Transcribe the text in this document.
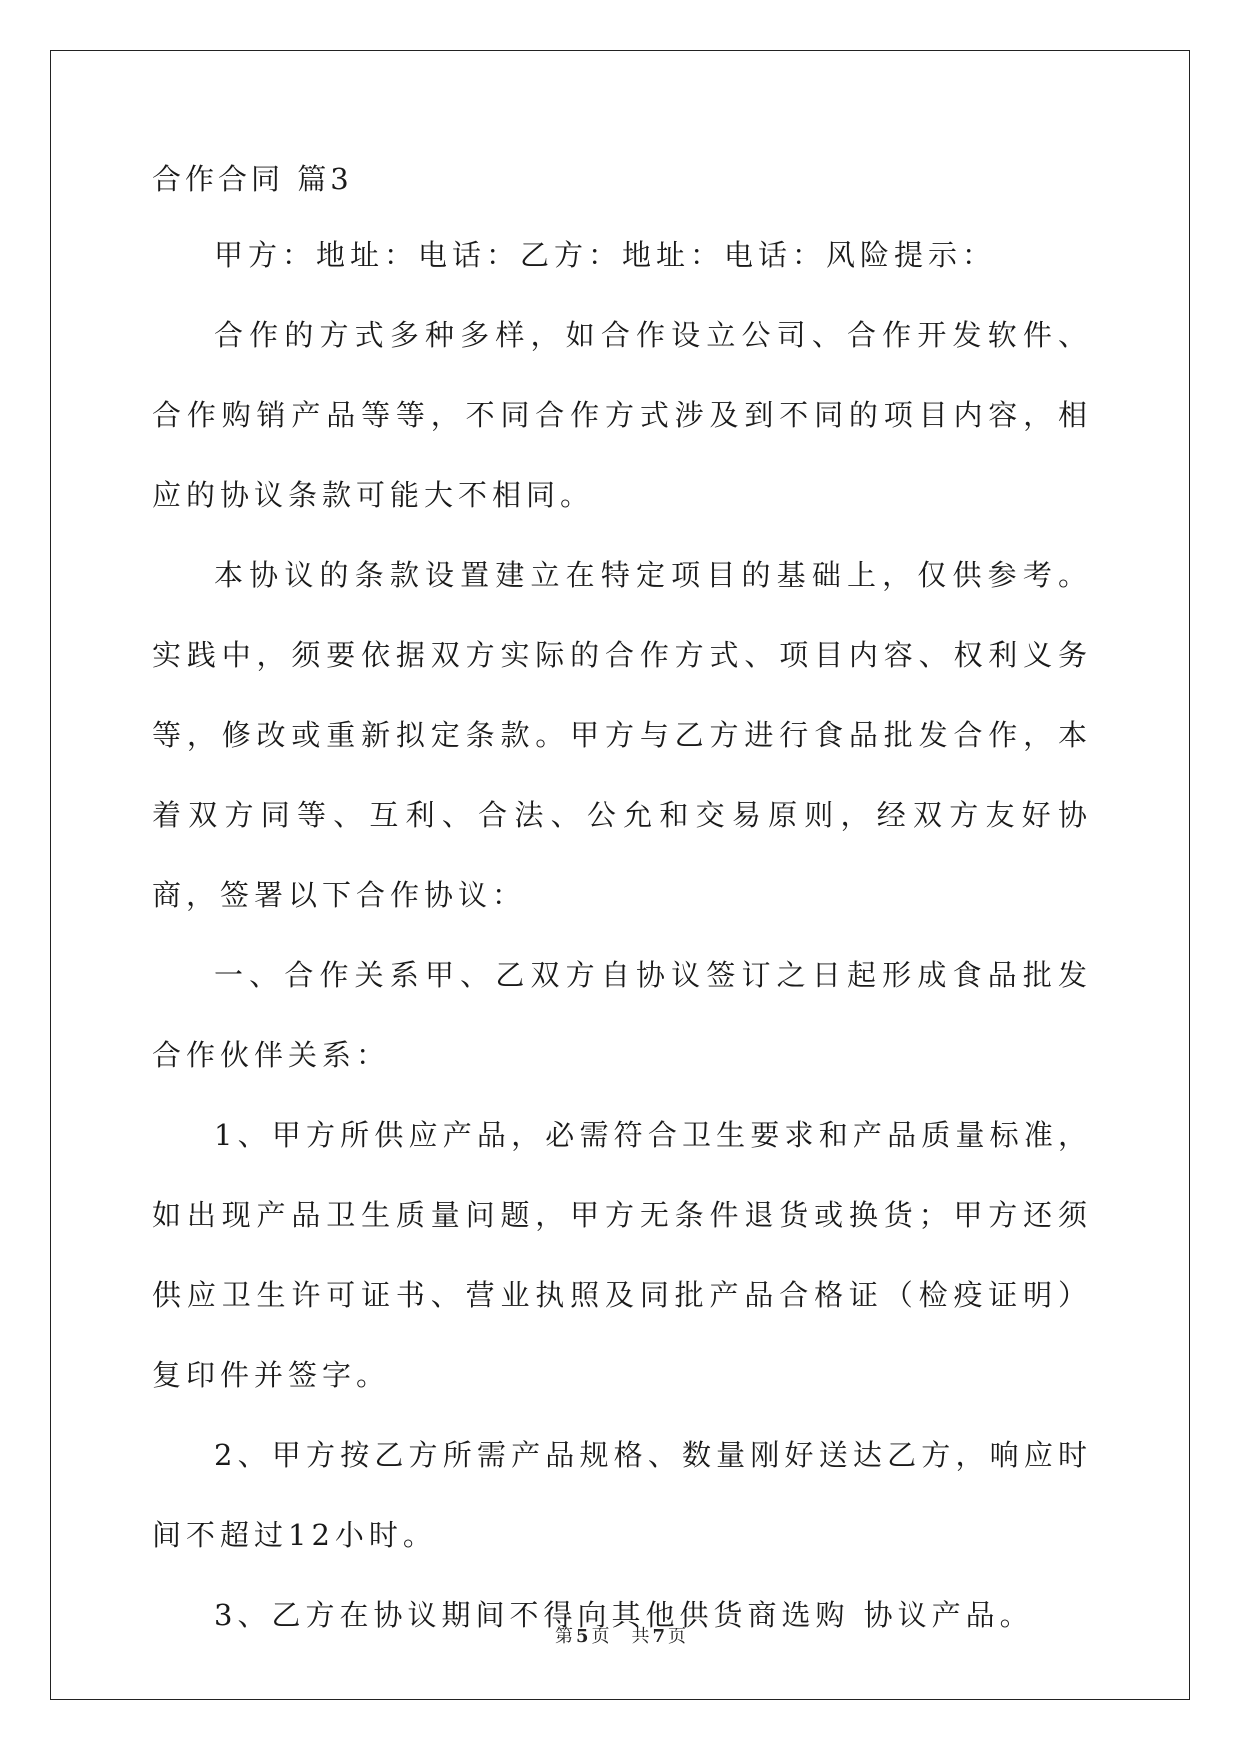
合作合同 篇3

甲方：地址：电话：乙方：地址：电话：风险提示：

合作的方式多种多样，如合作设立公司、合作开发软件、合作购销产品等等，不同合作方式涉及到不同的项目内容，相应的协议条款可能大不相同。

本协议的条款设置建立在特定项目的基础上，仅供参考。实践中，须要依据双方实际的合作方式、项目内容、权利义务等，修改或重新拟定条款。甲方与乙方进行食品批发合作，本着双方同等、互利、合法、公允和交易原则，经双方友好协商，签署以下合作协议：

一、合作关系甲、乙双方自协议签订之日起形成食品批发合作伙伴关系：

1、甲方所供应产品，必需符合卫生要求和产品质量标准，如出现产品卫生质量问题，甲方无条件退货或换货；甲方还须供应卫生许可证书、营业执照及同批产品合格证（检疫证明）复印件并签字。

2、甲方按乙方所需产品规格、数量刚好送达乙方，响应时间不超过12小时。

3、乙方在协议期间不得向其他供货商选购 协议产品。

第 5 页 共 7 页
